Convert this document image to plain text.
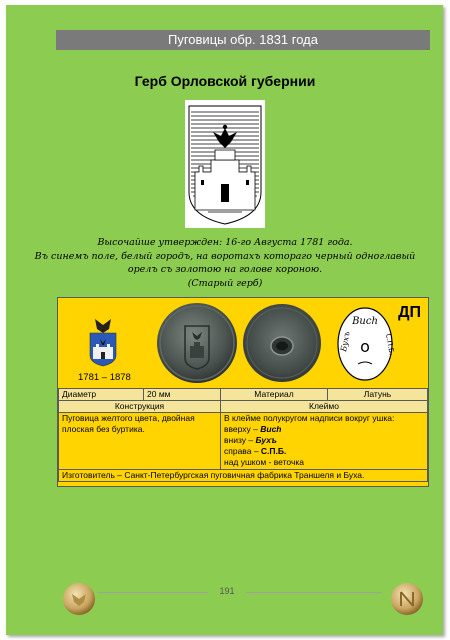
Пуговицы обр. 1831 года
Герб Орловской губернии
Высочайше утвержден: 16-го Августа 1781 года.
Въ синемъ поле, белый городъ, на воротахъ котораго черный одноглавый
орелъ съ золотою на голове короною.
(Старый герб)
ДП
1781 – 1878
Вuch
Бухъ	С.П.Б.
о
Диаметр	20 мм	Материал	Латунь
Конструкция		Клеймо	
Пуговица желтого цвета, двойная плоская без буртика.		В клейме полукругом надписи вокруг ушка:
вверху – Buch
внизу – Бухъ
справа – С.П.Б.
над ушком - веточка	

Изготовитель – Санкт-Петербургская пуговичная фабрика Траншеля и Буха.			
191
